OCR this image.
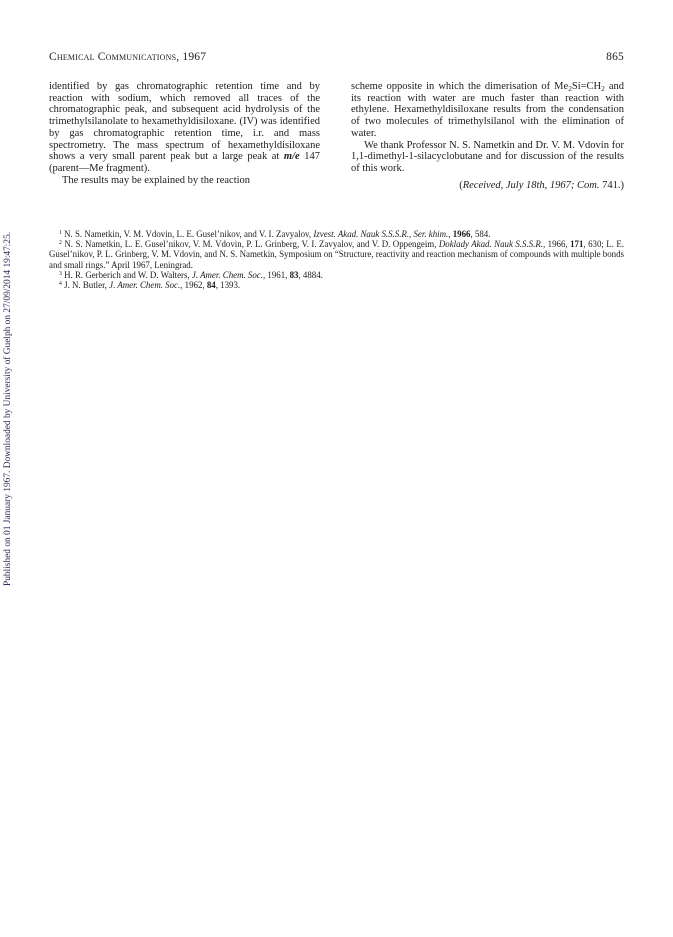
Published on 01 January 1967. Downloaded by University of Guelph on 27/09/2014 19:47:25.
Chemical Communications, 1967	865

identified by gas chromatographic retention time and by reaction with sodium, which removed all traces of the chromatographic peak, and subsequent acid hydrolysis of the trimethylsilanolate to hexamethyldisiloxane. (IV) was identified by gas chromatographic retention time, i.r. and mass spectrometry. The mass spectrum of hexamethyldisiloxane shows a very small parent peak but a large peak at m/e 147 (parent—Me fragment).

The results may be explained by the reaction

scheme opposite in which the dimerisation of $Me_2Si=CH_2$ and its reaction with water are much faster than reaction with ethylene. Hexamethyldisiloxane results from the condensation of two molecules of trimethylsilanol with the elimination of water.

We thank Professor N. S. Nametkin and Dr. V. M. Vdovin for 1,1-dimethyl-1-silacyclobutane and for discussion of the results of this work.

(Received, July 18th, 1967; Com. 741.)

$^1$ N. S. Nametkin, V. M. Vdovin, L. E. Gusel’nikov, and V. I. Zavyalov, Izvest. Akad. Nauk S.S.S.R., Ser. khim., 1966, 584.

$^2$ N. S. Nametkin, L. E. Gusel’nikov, V. M. Vdovin, P. L. Grinberg, V. I. Zavyalov, and V. D. Oppengeim, Doklady Akad. Nauk S.S.S.R., 1966, 171, 630; L. E. Gusel’nikov, P. L. Grinberg, V. M. Vdovin, and N. S. Nametkin, Symposium on “Structure, reactivity and reaction mechanism of compounds with multiple bonds and small rings.” April 1967, Leningrad.

$^3$ H. R. Gerberich and W. D. Walters, J. Amer. Chem. Soc., 1961, 83, 4884.

$^4$ J. N. Butler, J. Amer. Chem. Soc., 1962, 84, 1393.
